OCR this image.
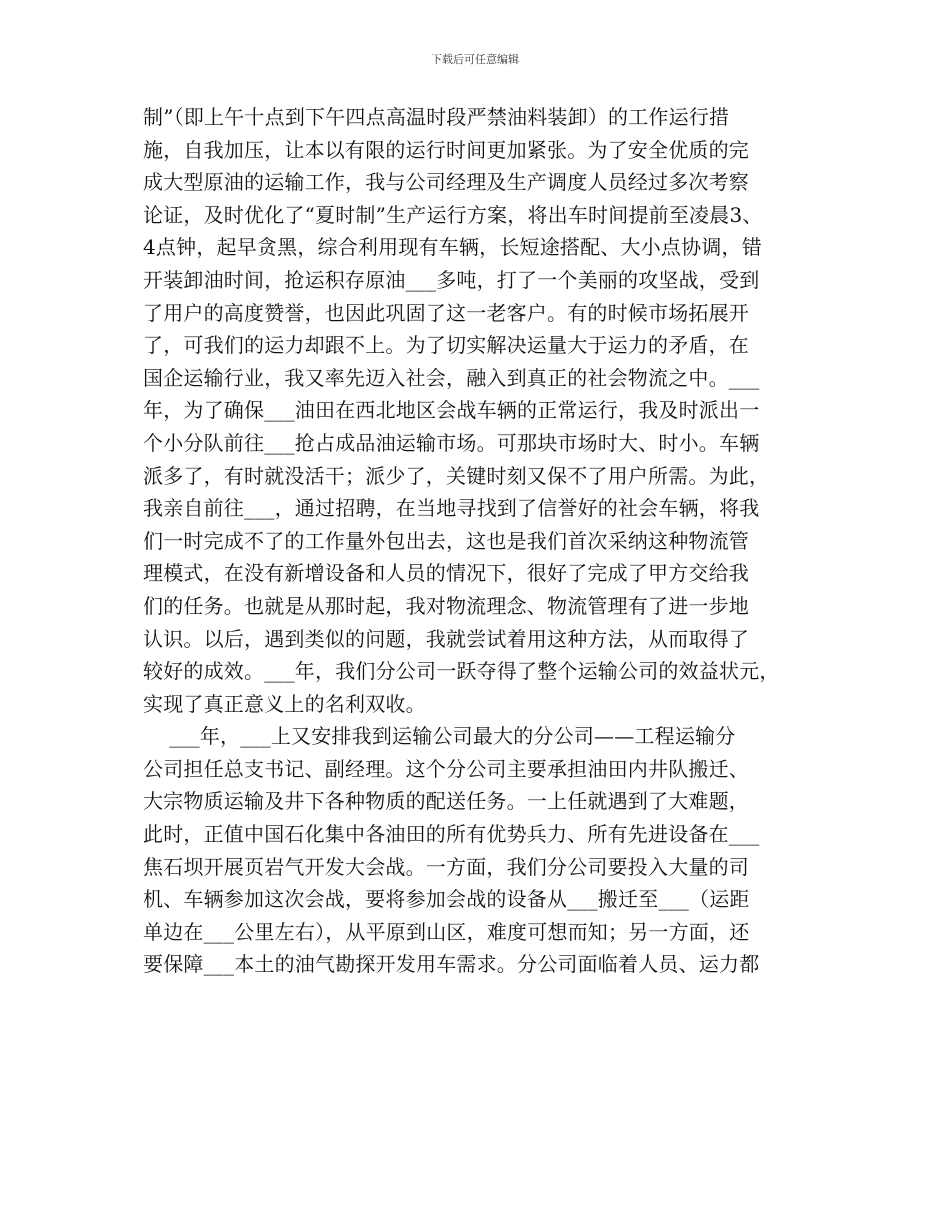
下载后可任意编辑
制”（即上午十点到下午四点高温时段严禁油料装卸）的工作运行措
施，自我加压，让本以有限的运行时间更加紧张。为了安全优质的完
成大型原油的运输工作，我与公司经理及生产调度人员经过多次考察
论证，及时优化了“夏时制”生产运行方案，将出车时间提前至凌晨3、
4点钟，起早贪黑，综合利用现有车辆，长短途搭配、大小点协调，错
开装卸油时间，抢运积存原油___多吨，打了一个美丽的攻坚战，受到
了用户的高度赞誉，也因此巩固了这一老客户。有的时候市场拓展开
了，可我们的运力却跟不上。为了切实解决运量大于运力的矛盾，在
国企运输行业，我又率先迈入社会，融入到真正的社会物流之中。___
年，为了确保___油田在西北地区会战车辆的正常运行，我及时派出一
个小分队前往___抢占成品油运输市场。可那块市场时大、时小。车辆
派多了，有时就没活干；派少了，关键时刻又保不了用户所需。为此，
我亲自前往___，通过招聘，在当地寻找到了信誉好的社会车辆，将我
们一时完成不了的工作量外包出去，这也是我们首次采纳这种物流管
理模式，在没有新增设备和人员的情况下，很好了完成了甲方交给我
们的任务。也就是从那时起，我对物流理念、物流管理有了进一步地
认识。以后，遇到类似的问题，我就尝试着用这种方法，从而取得了
较好的成效。___年，我们分公司一跃夺得了整个运输公司的效益状元，
实现了真正意义上的名利双收。
___年，___上又安排我到运输公司最大的分公司——工程运输分
公司担任总支书记、副经理。这个分公司主要承担油田内井队搬迁、
大宗物质运输及井下各种物质的配送任务。一上任就遇到了大难题，
此时，正值中国石化集中各油田的所有优势兵力、所有先进设备在___
焦石坝开展页岩气开发大会战。一方面，我们分公司要投入大量的司
机、车辆参加这次会战，要将参加会战的设备从___搬迁至___（运距
单边在___公里左右），从平原到山区，难度可想而知；另一方面，还
要保障___本土的油气勘探开发用车需求。分公司面临着人员、运力都
